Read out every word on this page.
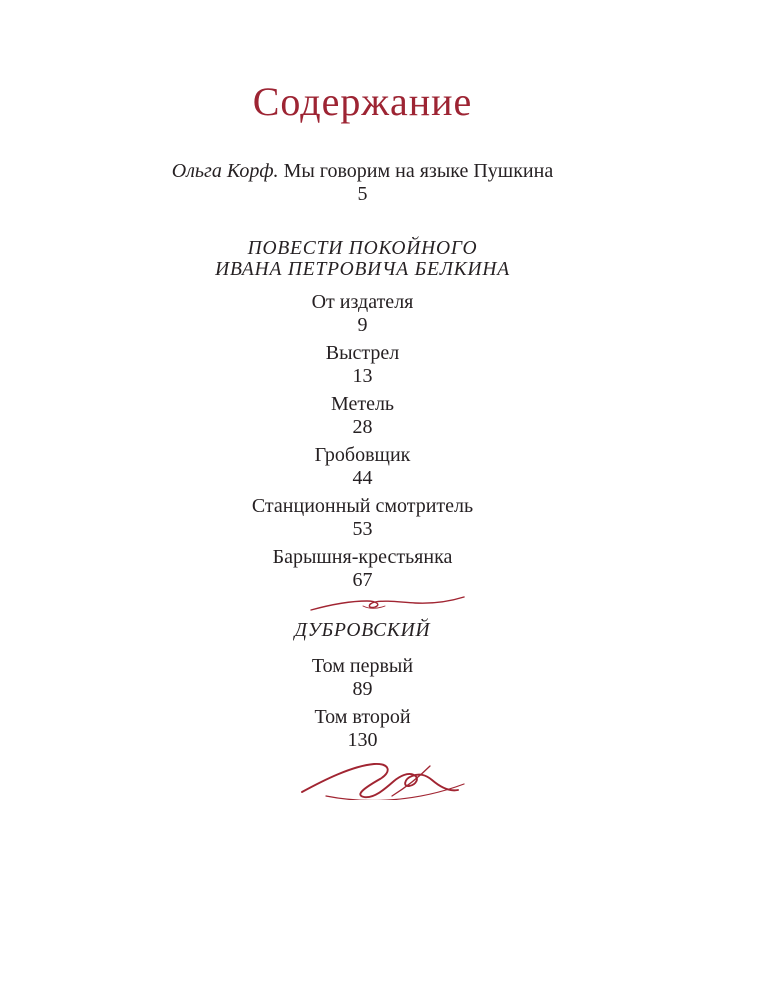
Содержание
Ольга Корф. Мы говорим на языке Пушкина
5
ПОВЕСТИ ПОКОЙНОГО
ИВАНА ПЕТРОВИЧА БЕЛКИНА
От издателя
9
Выстрел
13
Метель
28
Гробовщик
44
Станционный смотритель
53
Барышня-крестьянка
67
ДУБРОВСКИЙ
Том первый
89
Том второй
130
